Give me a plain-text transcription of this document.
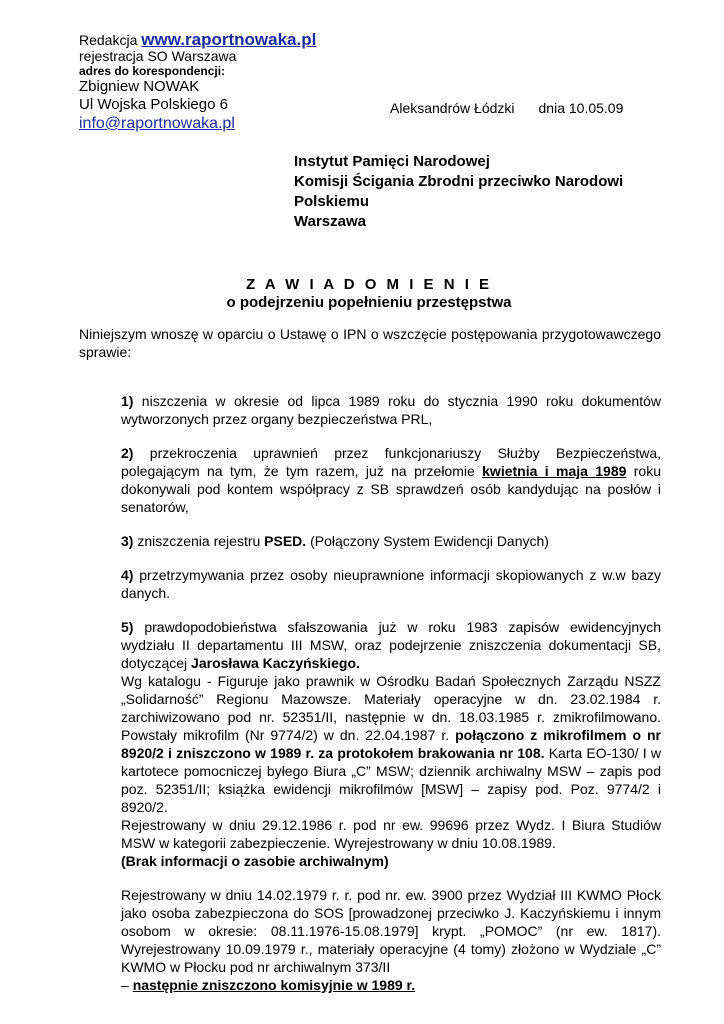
Redakcja www.raportnowaka.pl
rejestracja SO Warszawa
adres do korespondencji:
Zbigniew NOWAK
Ul Wojska Polskiego 6
info@raportnowaka.pl
Aleksandrów Łódzki dnia 10.05.09
Instytut Pamięci Narodowej
Komisji Ścigania Zbrodni przeciwko Narodowi
Polskiemu
Warszawa
Z A W I A D O M I E N I E
o podejrzeniu popełnieniu przestępstwa
Niniejszym wnoszę w oparciu o Ustawę o IPN o wszczęcie postępowania przygotowawczego sprawie:

1) niszczenia w okresie od lipca 1989 roku do stycznia 1990 roku dokumentów wytworzonych przez organy bezpieczeństwa PRL,

2) przekroczenia uprawnień przez funkcjonariuszy Służby Bezpieczeństwa, polegającym na tym, że tym razem, już na przełomie kwietnia i maja 1989 roku dokonywali pod kontem współpracy z SB sprawdzeń osób kandydując na posłów i senatorów,

3) zniszczenia rejestru PSED. (Połączony System Ewidencji Danych)

4) przetrzymywania przez osoby nieuprawnione informacji skopiowanych z w.w bazy danych.

5) prawdopodobieństwa sfałszowania już w roku 1983 zapisów ewidencyjnych wydziału II departamentu III MSW, oraz podejrzenie zniszczenia dokumentacji SB, dotyczącej Jarosława Kaczyńskiego.

Wg katalogu - Figuruje jako prawnik w Ośrodku Badań Społecznych Zarządu NSZZ „Solidarność” Regionu Mazowsze. Materiały operacyjne w dn. 23.02.1984 r. zarchiwizowano pod nr. 52351/II, następnie w dn. 18.03.1985 r. zmikrofilmowano. Powstały mikrofilm (Nr 9774/2) w dn. 22.04.1987 r. połączono z mikrofilmem o nr 8920/2 i zniszczono w 1989 r. za protokołem brakowania nr 108. Karta EO-130/ I w kartotece pomocniczej byłego Biura „C” MSW; dziennik archiwalny MSW – zapis pod poz. 52351/II; książka ewidencji mikrofilmów [MSW] – zapisy pod. Poz. 9774/2 i 8920/2.

Rejestrowany w dniu 29.12.1986 r. pod nr ew. 99696 przez Wydz. I Biura Studiów MSW w kategorii zabezpieczenie. Wyrejestrowany w dniu 10.08.1989.

(Brak informacji o zasobie archiwalnym)

Rejestrowany w dniu 14.02.1979 r. r. pod nr. ew. 3900 przez Wydział III KWMO Płock jako osoba zabezpieczona do SOS [prowadzonej przeciwko J. Kaczyńskiemu i innym osobom w okresie: 08.11.1976-15.08.1979] krypt. „POMOC” (nr ew. 1817). Wyrejestrowany 10.09.1979 r., materiały operacyjne (4 tomy) złożono w Wydziale „C” KWMO w Płocku pod nr archiwalnym 373/II

– następnie zniszczono komisyjnie w 1989 r.
